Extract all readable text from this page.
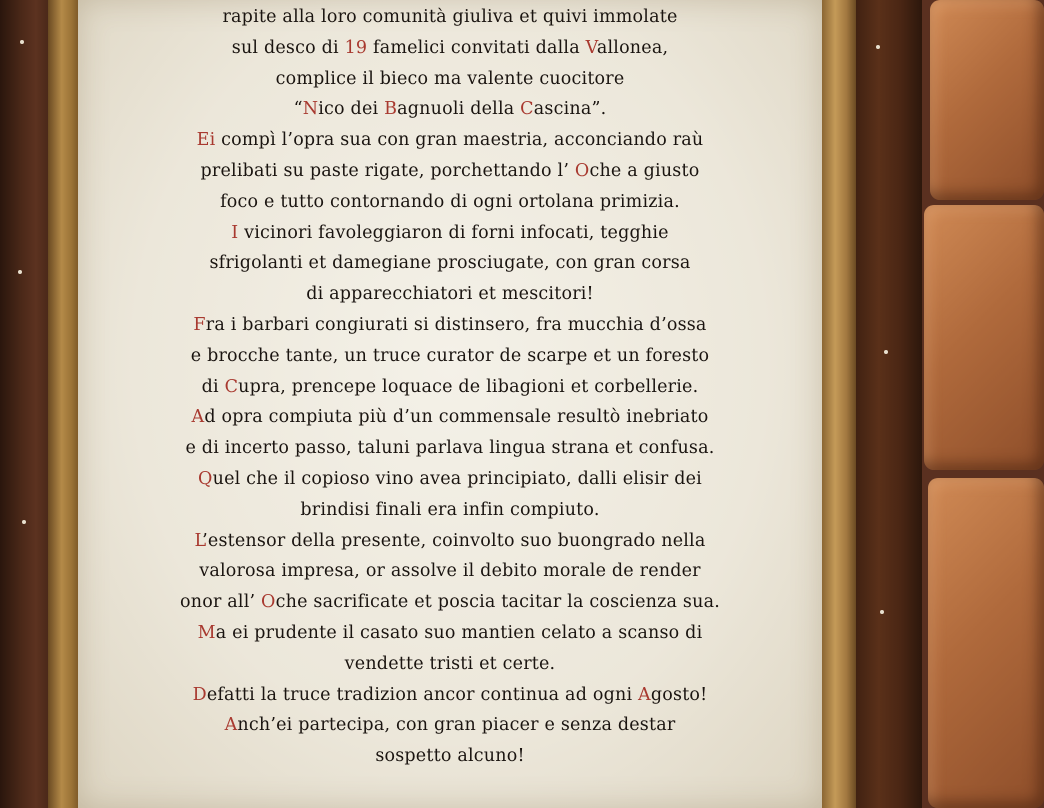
rapite alla loro comunità giuliva et quivi immolate
sul desco di 19 famelici convitati dalla Vallonea,
complice il bieco ma valente cuocitore
“Nico dei Bagnuoli della Cascina”.
Ei compì l’opra sua con gran maestria, acconciando raù
prelibati su paste rigate, porchettando l’ Oche a giusto
foco e tutto contornando di ogni ortolana primizia.
I vicinori favoleggiaron di forni infocati, tegghie
sfrigolanti et damegiane prosciugate, con gran corsa
di apparecchiatori et mescitori!
Fra i barbari congiurati si distinsero, fra mucchia d’ossa
e brocche tante, un truce curator de scarpe et un foresto
di Cupra, prencepe loquace de libagioni et corbellerie.
Ad opra compiuta più d’un commensale resultò inebriato
e di incerto passo, taluni parlava lingua strana et confusa.
Quel che il copioso vino avea principiato, dalli elisir dei
brindisi finali era infin compiuto.
L’estensor della presente, coinvolto suo buongrado nella
valorosa impresa, or assolve il debito morale de render
onor all’ Oche sacrificate et poscia tacitar la coscienza sua.
Ma ei prudente il casato suo mantien celato a scanso di
vendette tristi et certe.
Defatti la truce tradizion ancor continua ad ogni Agosto!
Anch’ei partecipa, con gran piacer e senza destar
sospetto alcuno!
